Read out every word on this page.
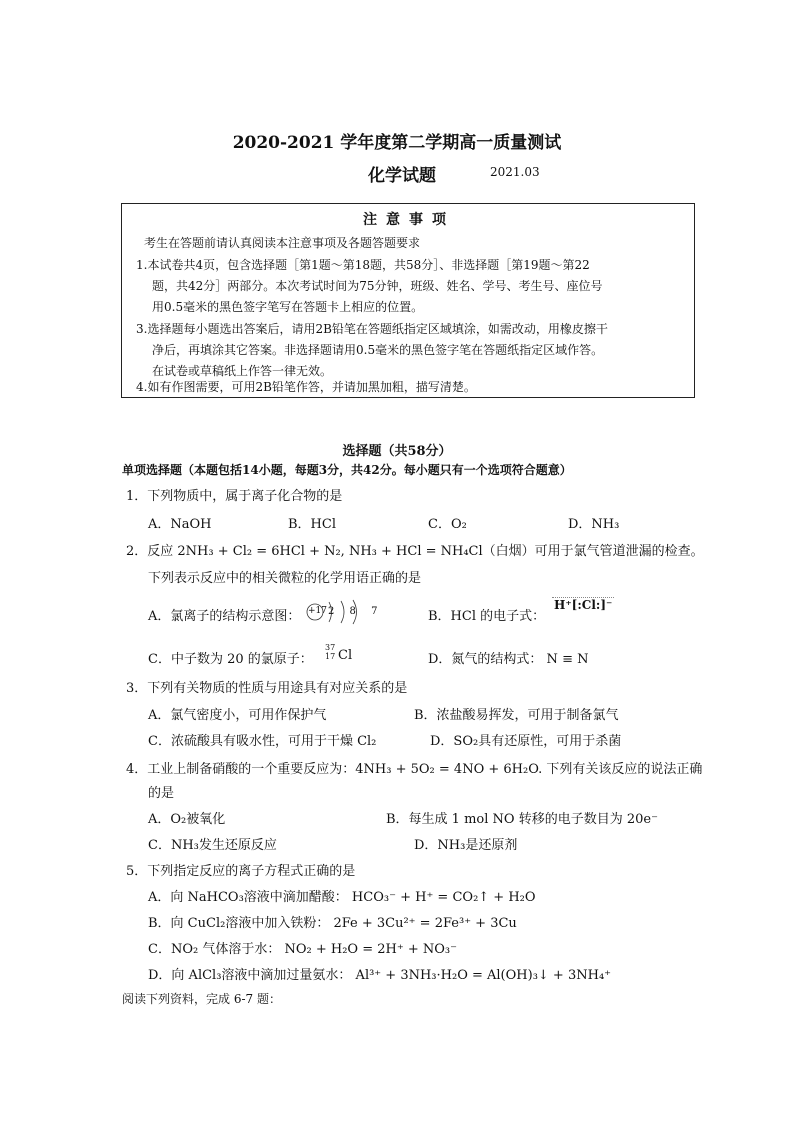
2020-2021 学年度第二学期高一质量测试
化学试题	2021.03
注意事项
考生在答题前请认真阅读本注意事项及各题答题要求
1.本试卷共4页，包含选择题［第1题～第18题，共58分］、非选择题［第19题～第22
题，共42分］两部分。本次考试时间为75分钟，班级、姓名、学号、考生号、座位号
用0.5毫米的黑色签字笔写在答题卡上相应的位置。
3.选择题每小题选出答案后，请用2B铅笔在答题纸指定区域填涂，如需改动，用橡皮擦干
净后，再填涂其它答案。非选择题请用0.5毫米的黑色签字笔在答题纸指定区域作答。
在试卷或草稿纸上作答一律无效。
4.如有作图需要，可用2B铅笔作答，并请加黑加粗，描写清楚。
选择题（共58分）
单项选择题（本题包括14小题，每题3分，共42分。每小题只有一个选项符合题意）
1．下列物质中，属于离子化合物的是
A．NaOH	B．HCl	C．O₂	D．NH₃
2．反应 2NH₃ + Cl₂ = 6HCl + N₂, NH₃ + HCl = NH₄Cl（白烟）可用于氯气管道泄漏的检查。
下列表示反应中的相关微粒的化学用语正确的是
A．氯离子的结构示意图： +17 2 8 7	B．HCl 的电子式：
H⁺[:Cl:]⁻
C．中子数为 20 的氯原子：
37
17 Cl	D．氮气的结构式： N ≡ N
3．下列有关物质的性质与用途具有对应关系的是
A．氯气密度小，可用作保护气	B．浓盐酸易挥发，可用于制备氯气
C．浓硫酸具有吸水性，可用于干燥 Cl₂	D．SO₂具有还原性，可用于杀菌
4．工业上制备硝酸的一个重要反应为：4NH₃ + 5O₂ = 4NO + 6H₂O. 下列有关该反应的说法正确
的是
A．O₂被氧化	B．每生成 1 mol NO 转移的电子数目为 20e⁻
C．NH₃发生还原反应	D．NH₃是还原剂
5．下列指定反应的离子方程式正确的是
A．向 NaHCO₃溶液中滴加醋酸： HCO₃⁻ + H⁺ = CO₂↑ + H₂O
B．向 CuCl₂溶液中加入铁粉： 2Fe + 3Cu²⁺ = 2Fe³⁺ + 3Cu
C．NO₂ 气体溶于水： NO₂ + H₂O = 2H⁺ + NO₃⁻
D．向 AlCl₃溶液中滴加过量氨水： Al³⁺ + 3NH₃·H₂O = Al(OH)₃↓ + 3NH₄⁺
阅读下列资料，完成 6-7 题：
